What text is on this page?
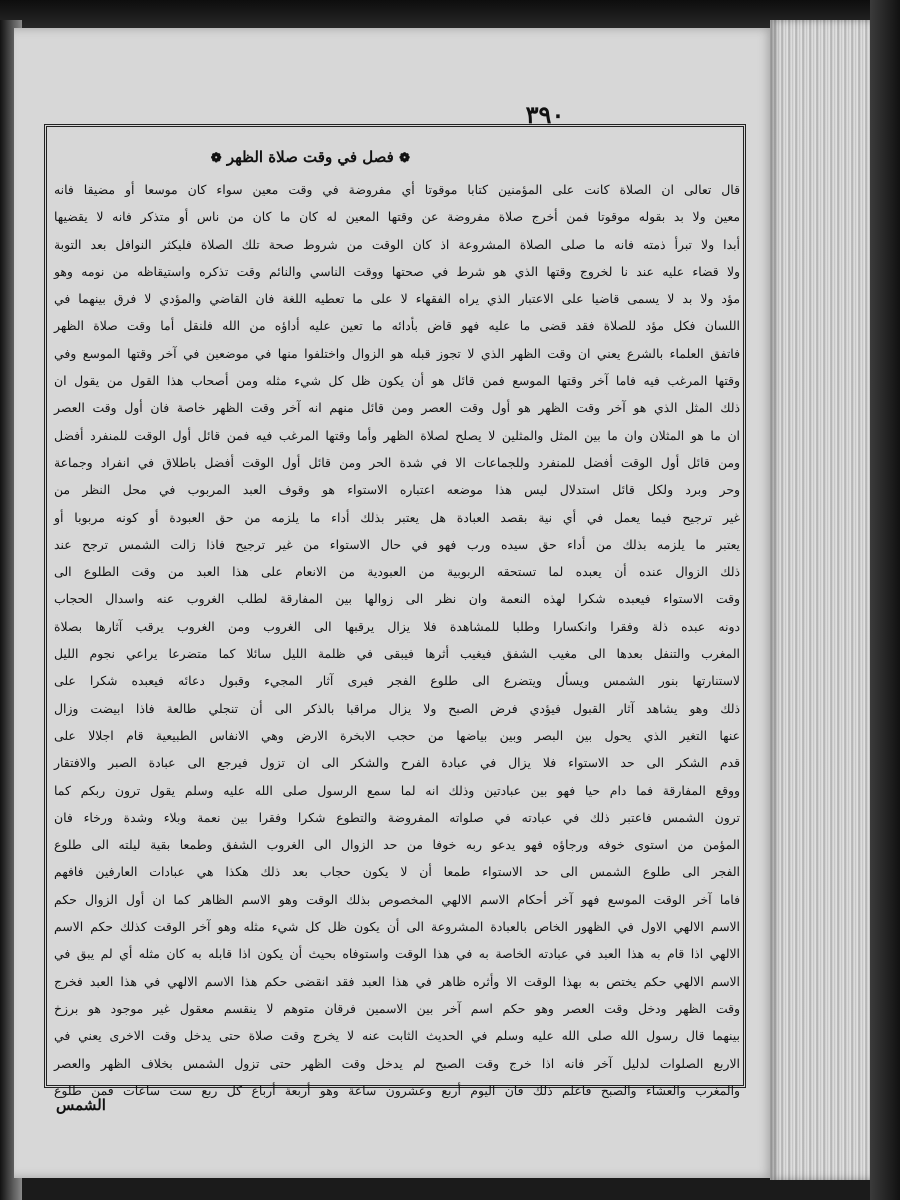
٣٩٠
❁ فصل في وقت صلاة الظهر ❁
قال تعالى ان الصلاة كانت على المؤمنين كتابا موقوتا أي مفروضة في وقت معين سواء كان موسعا أو مضيقا فانه
معين ولا بد بقوله موقوتا فمن أخرج صلاة مفروضة عن وقتها المعين له كان ما كان من ناس أو متذكر فانه لا يقضيها
أبدا ولا تبرأ ذمته فانه ما صلى الصلاة المشروعة اذ كان الوقت من شروط صحة تلك الصلاة فليكثر النوافل بعد التوبة
ولا قضاء عليه عند نا لخروج وقتها الذي هو شرط في صحتها ووقت الناسي والنائم وقت تذكره واستيقاظه من نومه وهو
مؤد ولا بد لا يسمى قاضيا على الاعتبار الذي يراه الفقهاء لا على ما تعطيه اللغة فان القاضي والمؤدي لا فرق بينهما في
اللسان فكل مؤد للصلاة فقد قضى ما عليه فهو قاض بأدائه ما تعين عليه أداؤه من الله فلنقل أما وقت صلاة الظهر
فاتفق العلماء بالشرع يعني ان وقت الظهر الذي لا تجوز قبله هو الزوال واختلفوا منها في موضعين في آخر وقتها الموسع وفي
وقتها المرغب فيه فاما آخر وقتها الموسع فمن قائل هو أن يكون ظل كل شيء مثله ومن أصحاب هذا القول من يقول ان
ذلك المثل الذي هو آخر وقت الظهر هو أول وقت العصر ومن قائل منهم انه آخر وقت الظهر خاصة فان أول وقت العصر
ان ما هو المثلان وان ما بين المثل والمثلين لا يصلح لصلاة الظهر وأما وقتها المرغب فيه فمن قائل أول الوقت للمنفرد أفضل
ومن قائل أول الوقت أفضل للمنفرد وللجماعات الا في شدة الحر ومن قائل أول الوقت أفضل باطلاق في انفراد وجماعة
وحر وبرد ولكل قائل استدلال ليس هذا موضعه اعتباره الاستواء هو وقوف العبد المربوب في محل النظر من
غير ترجيح فيما يعمل في أي نية بقصد العبادة هل يعتبر بذلك أداء ما يلزمه من حق العبودة أو كونه مربوبا أو
يعتبر ما يلزمه بذلك من أداء حق سيده ورب فهو في حال الاستواء من غير ترجيح فاذا زالت الشمس ترجح عند
ذلك الزوال عنده أن يعبده لما تستحقه الربوبية من العبودية من الانعام على هذا العبد من وقت الطلوع الى
وقت الاستواء فيعبده شكرا لهذه النعمة وان نظر الى زوالها بين المفارقة لطلب الغروب عنه واسدال الحجاب
دونه عبده ذلة وفقرا وانكسارا وطلبا للمشاهدة فلا يزال يرقبها الى الغروب ومن الغروب يرقب آثارها بصلاة
المغرب والتنفل بعدها الى مغيب الشفق فيغيب أثرها فيبقى في ظلمة الليل سائلا كما متضرعا يراعي نجوم الليل
لاستنارتها بنور الشمس ويسأل ويتضرع الى طلوع الفجر فيرى آثار المجيء وقبول دعائه فيعبده شكرا على
ذلك وهو يشاهد آثار القبول فيؤدي فرض الصبح ولا يزال مراقبا بالذكر الى أن تنجلي طالعة فاذا ابيضت وزال
عنها التغير الذي يحول بين البصر وبين بياضها من حجب الابخرة الارض وهي الانفاس الطبيعية قام اجلالا على
قدم الشكر الى حد الاستواء فلا يزال في عبادة الفرح والشكر الى ان تزول فيرجع الى عبادة الصبر والافتقار
ووقع المفارقة فما دام حيا فهو بين عبادتين وذلك انه لما سمع الرسول صلى الله عليه وسلم يقول ترون ربكم كما
ترون الشمس فاعتبر ذلك في عبادته في صلواته المفروضة والتطوع شكرا وفقرا بين نعمة وبلاء وشدة ورخاء فان
المؤمن من استوى خوفه ورجاؤه فهو يدعو ربه خوفا من حد الزوال الى الغروب الشفق وطمعا بقية ليلته الى طلوع
الفجر الى طلوع الشمس الى حد الاستواء طمعا أن لا يكون حجاب بعد ذلك هكذا هي عبادات العارفين فافهم
فاما آخر الوقت الموسع فهو آخر أحكام الاسم الالهي المخصوص بذلك الوقت وهو الاسم الظاهر كما ان أول الزوال حكم
الاسم الالهي الاول في الظهور الخاص بالعبادة المشروعة الى أن يكون ظل كل شيء مثله وهو آخر الوقت كذلك حكم الاسم
الالهي اذا قام به هذا العبد في عبادته الخاصة به في هذا الوقت واستوفاه بحيث أن يكون اذا قابله به كان مثله أي لم يبق في
الاسم الالهي حكم يختص به بهذا الوقت الا وأثره ظاهر في هذا العبد فقد انقضى حكم هذا الاسم الالهي في هذا العبد فخرج
وقت الظهر ودخل وقت العصر وهو حكم اسم آخر بين الاسمين فرقان متوهم لا ينقسم معقول غير موجود هو برزخ
بينهما قال رسول الله صلى الله عليه وسلم في الحديث الثابت عنه لا يخرج وقت صلاة حتى يدخل وقت الاخرى يعني في
الاربع الصلوات لدليل آخر فانه اذا خرج وقت الصبح لم يدخل وقت الظهر حتى تزول الشمس بخلاف الظهر والعصر
والمغرب والعشاء والصبح فاعلم ذلك فان اليوم أربع وعشرون ساعة وهو أربعة أرباع كل ربع ست ساعات فمن طلوع
الشمس
